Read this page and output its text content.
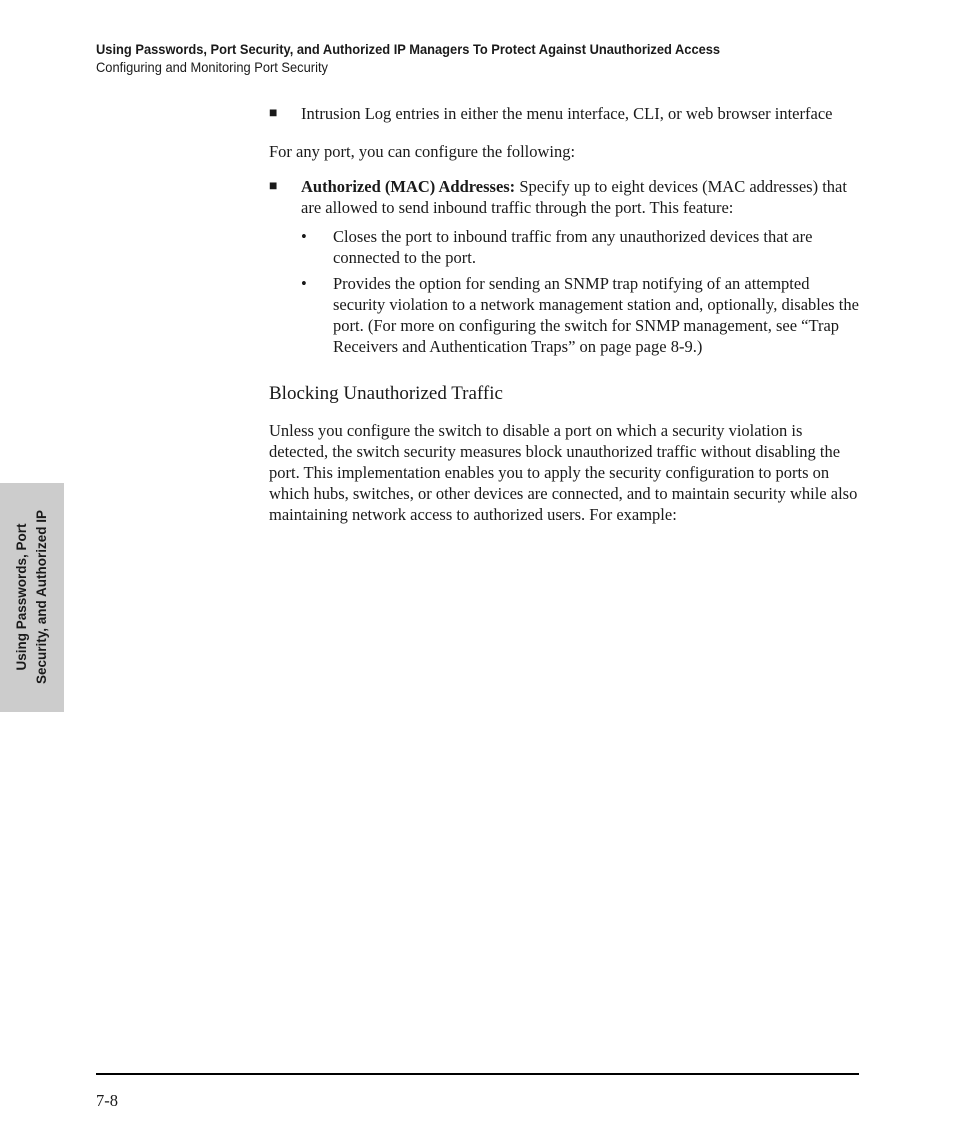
Using Passwords, Port Security, and Authorized IP Managers To Protect Against Unauthorized Access
Configuring and Monitoring Port Security
Using Passwords, Port Security, and Authorized IP
■ Intrusion Log entries in either the menu interface, CLI, or web browser interface

For any port, you can configure the following:

■ Authorized (MAC) Addresses: Specify up to eight devices (MAC addresses) that are allowed to send inbound traffic through the port. This feature:

• Closes the port to inbound traffic from any unauthorized devices that are connected to the port.

• Provides the option for sending an SNMP trap notifying of an attempted security violation to a network management station and, optionally, disables the port. (For more on configuring the switch for SNMP management, see “Trap Receivers and Authentication Traps” on page page 8-9.)

Blocking Unauthorized Traffic

Unless you configure the switch to disable a port on which a security violation is detected, the switch security measures block unauthorized traffic without disabling the port. This implementation enables you to apply the security configuration to ports on which hubs, switches, or other devices are connected, and to maintain security while also maintaining network access to authorized users. For example:

7-8
